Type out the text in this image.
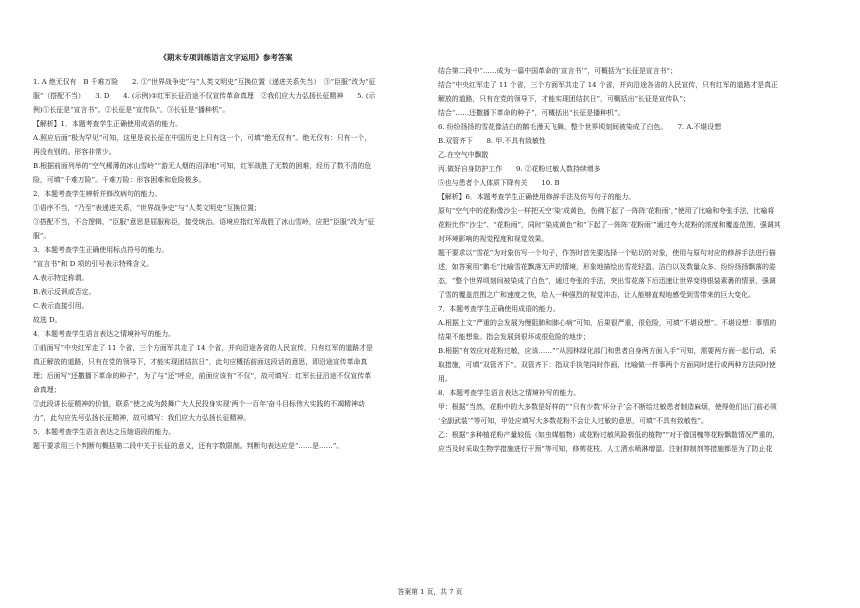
《期末专项训练语言文字运用》参考答案
1. A 绝无仅有　B 千难万险　　2. ①“世界战争史”与“人类文明史”互换位置（递进关系失当）　③“臣服”改为“征
服”（搭配不当）　　3. D　　4. (示例)①红军长征沿途不仅宣传革命真理　②我们应大力弘扬长征精神　　5. (示
例)①长征是“宣言书”。②长征是“宣传队”。③长征是“播种机”。
【解析】1．本题考查学生正确使用成语的能力。
A.照应后面“极为罕见”可知，这里是说长征在中国历史上只有这一个，可填“绝无仅有”。绝无仅有：只有一个，
再没有别的。形容非常少。
B.根据前面列举的“空气稀薄的冰山雪岭”“游无人烟的沼泽地”可知，红军战胜了无数的困难，经历了数不清的危
险，可填“千难万险”。千难万险：形容困难和危险极多。
2．本题考查学生辨析并修改病句的能力。
①语序不当，“乃至”表递进关系，“世界战争史”与“人类文明史”互换位置；
③搭配不当，不合逻辑，“臣服”意思是屈服称臣，接受统治。语境应指红军战胜了冰山雪岭，应把“臣服”改为“征
服”。
3．本题考查学生正确使用标点符号的能力。
“宣言书”和 D 项的引号表示特殊含义。
A.表示特定称谓。
B.表示反讽或否定。
C.表示直接引用。
故选 D。
4．本题考查学生语言表达之情境补写的能力。
①前面写“中央红军走了 11 个省，三个方面军共走了 14 个省，并向沿途各省的人民宣传，只有红军的道路才是
真正解放的道路，只有在党的领导下，才能实现团结抗日”，此句应概括前面这段话的意思，即沿途宣传革命真
理；后面写“还撒播下革命的种子”，为了与“还”呼应，前面应该有“不仅”，故可填写：红军长征沿途不仅宣传革
命真理；
②此段讲长征精神的价值，联系“使之成为鼓舞广大人民投身实现‘两个一百年’奋斗目标伟大实践的不竭精神动
力”，此句应先号弘扬长征精神，故可填写：我们应大力弘扬长征精神。
5．本题考查学生语言表达之压缩语段的能力。
题干要求用三个判断句概括第二段中关于长征的意义，还有字数限制。判断句表达应是“……是……”。
结合第二段中“……成为一篇中国革命的‘宣言书’”，可概括为“长征是宣言书”；
结合“中央红军走了 11 个省，三个方面军共走了 14 个省，并向沿途各省的人民宣传，只有红军的道路才是真正
解放的道路，只有在党的领导下，才能实现团结抗日”，可概括出“长征是宣传队”；
结合“……还撒播下革命的种子”，可概括出“长征是播种机”。
6. 纷纷扬扬的雪花像洁白的鹅毛漫天飞舞，整个世界顷刻间被染成了白色。　　7. A.不堪设想
B.双管齐下　　8. 甲.不具有致敏性
乙.在空气中飘散
丙.做好自身防护工作　　9. ②花粉过敏人数持续增多
⑤也与患者个人体质下降有关　　10. B
【解析】6．本题考查学生正确使用修辞手法及仿写句子的能力。
原句“空气中的花粉像沙尘一样把天空‘染’成黄色，伤佛下起了一阵阵‘花粉雨’，”使用了比喻和夸张手法，比喻将
花粉比作“沙尘”、“花粉雨”，同时“染成黄色”和“下起了一阵阵‘花粉雨’”通过夸大花粉的浓度和覆盖范围，强调其
对环境影响的视觉程度和视觉效果。
题干要求以“雪花”为对象仿写一个句子，作答时首先要选择一个贴切的对象，使用与原句对应的修辞手法进行描
述，如答案用“鹅毛”比喻雪花飘落无声的情境，形象地描绘出雪花轻盈、洁白以及数量众多、纷纷扬扬飘落的姿
态，“整个世界顷刻间被染成了白色”，通过夸张的手法，突出雪花落下后迅速让世界变得银装素裹的情景，强调
了雪的覆盖范围之广和速度之快，给人一种强烈的视觉冲击，让人能够直观地感受到雪带来的巨大变化。
7．本题考查学生正确使用成语的能力。
A.根据上文“严重的会发展为慢阻肺和肺心病”可知，后果很严重，很危险，可填“不堪设想”。不堪设想：事情的
结果不能想象。指会发展到很坏或很危险的地步；
B.根据“有效应对花粉过敏，应该……”“从园林绿化部门和患者自身两方面入手”可知，需要两方面一起行动，采
取措施，可填“双管齐下”。双管齐下：指双手执笔同时作画，比喻做一件事两个方面同时进行或两种方法同时使
用。
8．本题考查学生语言表达之情境补写的能力。
甲：根据“当然，花粉中的大多数是好样的”“只有少数‘坏分子’会不断给过敏患者制造麻烦，使得他们出门前必须
‘全副武装’”等可知，甲处应填写大多数花粉不会让人过敏的意思，可填“不具有致敏性”。
乙：根据“多种植花粉产量较低（如虫媒植物）或花粉过敏风险极低的植物”“对于像国槐等花粉飘散情况严重的，
应当及时采取生物学措施进行干预”等可知，修剪花枝、人工洒水喷淋增湿、注射抑制剂等措施都是为了防止花
答案第 1 页，共 7 页
